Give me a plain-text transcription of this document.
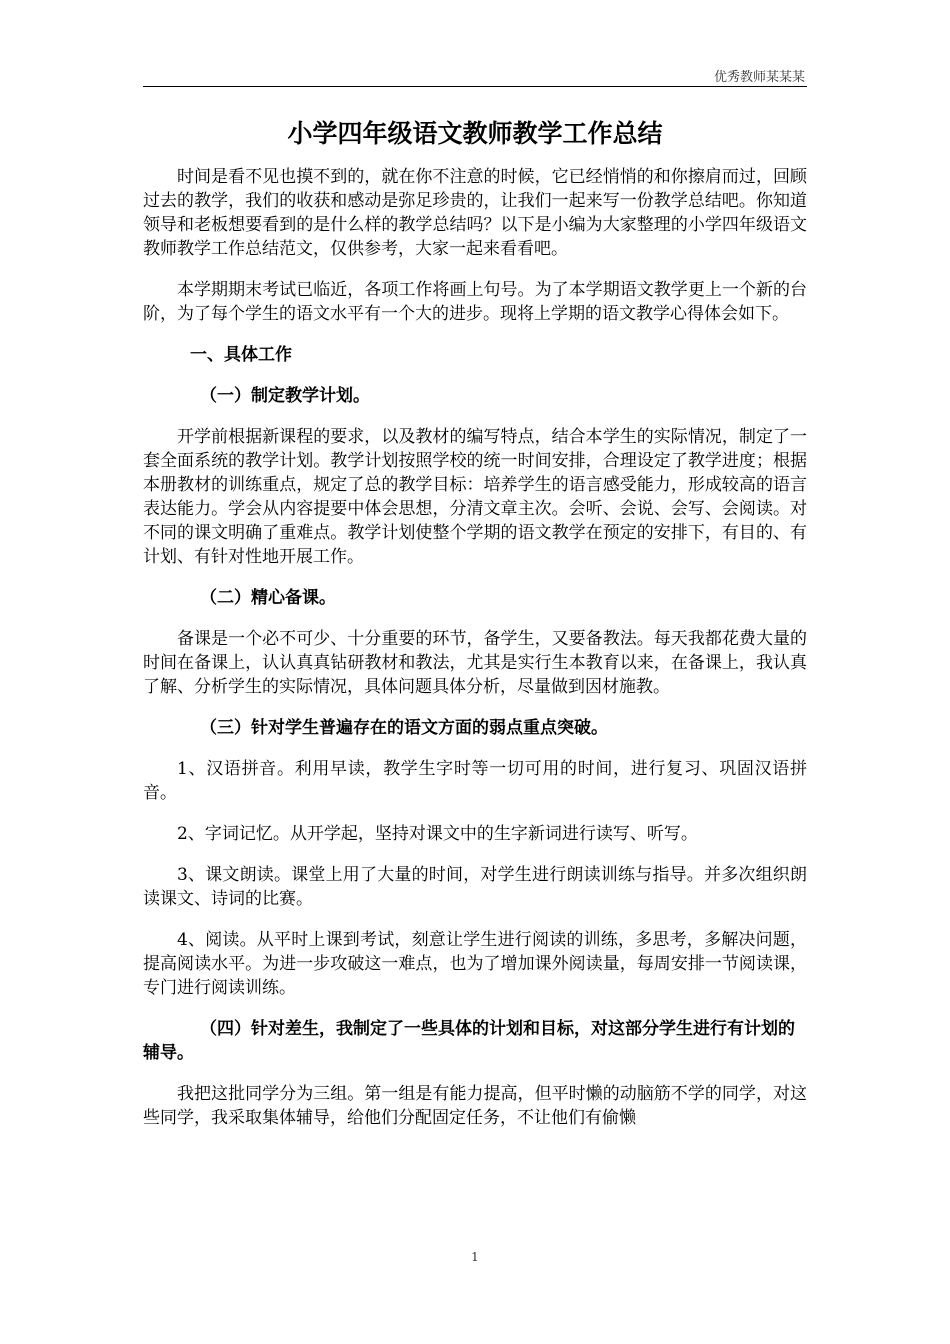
优秀教师某某某
小学四年级语文教师教学工作总结

时间是看不见也摸不到的，就在你不注意的时候，它已经悄悄的和你擦肩而过，回顾过去的教学，我们的收获和感动是弥足珍贵的，让我们一起来写一份教学总结吧。你知道领导和老板想要看到的是什么样的教学总结吗？以下是小编为大家整理的小学四年级语文教师教学工作总结范文，仅供参考，大家一起来看看吧。

本学期期末考试已临近，各项工作将画上句号。为了本学期语文教学更上一个新的台阶，为了每个学生的语文水平有一个大的进步。现将上学期的语文教学心得体会如下。

一、具体工作
（一）制定教学计划。

开学前根据新课程的要求，以及教材的编写特点，结合本学生的实际情况，制定了一套全面系统的教学计划。教学计划按照学校的统一时间安排，合理设定了教学进度；根据本册教材的训练重点，规定了总的教学目标：培养学生的语言感受能力，形成较高的语言表达能力。学会从内容提要中体会思想，分清文章主次。会听、会说、会写、会阅读。对不同的课文明确了重难点。教学计划使整个学期的语文教学在预定的安排下，有目的、有计划、有针对性地开展工作。

（二）精心备课。

备课是一个必不可少、十分重要的环节，备学生，又要备教法。每天我都花费大量的时间在备课上，认认真真钻研教材和教法，尤其是实行生本教育以来，在备课上，我认真了解、分析学生的实际情况，具体问题具体分析，尽量做到因材施教。

（三）针对学生普遍存在的语文方面的弱点重点突破。

1、汉语拼音。利用早读，教学生字时等一切可用的时间，进行复习、巩固汉语拼音。

2、字词记忆。从开学起，坚持对课文中的生字新词进行读写、听写。

3、课文朗读。课堂上用了大量的时间，对学生进行朗读训练与指导。并多次组织朗读课文、诗词的比赛。

4、阅读。从平时上课到考试，刻意让学生进行阅读的训练，多思考，多解决问题，提高阅读水平。为进一步攻破这一难点，也为了增加课外阅读量，每周安排一节阅读课，专门进行阅读训练。

（四）针对差生，我制定了一些具体的计划和目标，对这部分学生进行有计划的辅导。

我把这批同学分为三组。第一组是有能力提高，但平时懒的动脑筋不学的同学，对这些同学，我采取集体辅导，给他们分配固定任务，不让他们有偷懒

1
